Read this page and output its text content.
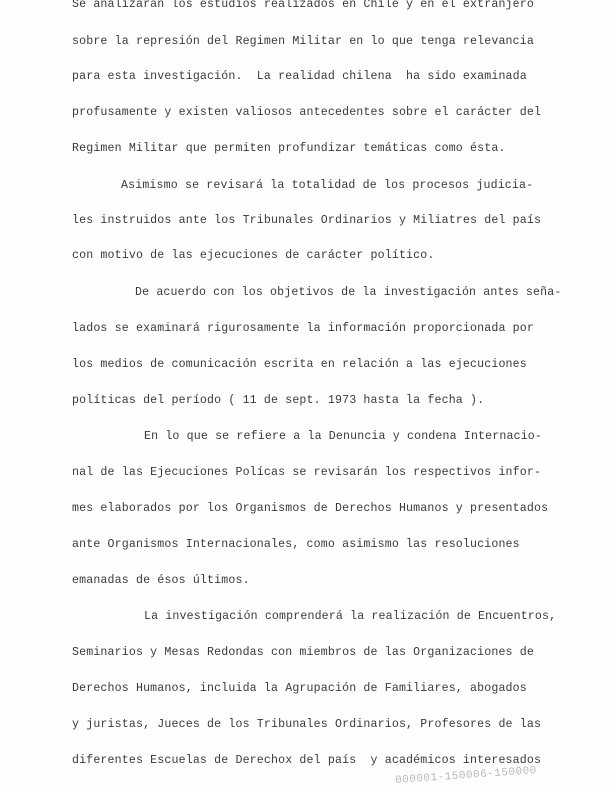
Se analizarán los estudios realizados en Chile y en el extranjero
sobre la represión del Regimen Militar en lo que tenga relevancia
para esta investigación.  La realidad chilena  ha sido examinada
profusamente y existen valiosos antecedentes sobre el carácter del
Regimen Militar que permiten profundizar temáticas como ésta.
Asimismo se revisará la totalidad de los procesos judicia-
les instruidos ante los Tribunales Ordinarios y Miliatres del país
con motivo de las ejecuciones de carácter político.
De acuerdo con los objetivos de la investigación antes seña-
lados se examinará rigurosamente la información proporcionada por
los medios de comunicación escrita en relación a las ejecuciones
políticas del período ( 11 de sept. 1973 hasta la fecha ).
En lo que se refiere a la Denuncia y condena Internacio-
nal de las Ejecuciones Polícas se revisarán los respectivos infor-
mes elaborados por los Organismos de Derechos Humanos y presentados
ante Organismos Internacionales, como asimismo las resoluciones
emanadas de ésos últimos.
La investigación comprenderá la realización de Encuentros,
Seminarios y Mesas Redondas con miembros de las Organizaciones de
Derechos Humanos, incluida la Agrupación de Familiares, abogados
y juristas, Jueces de los Tribunales Ordinarios, Profesores de las
diferentes Escuelas de Derechox del país  y académicos interesados
000001-150006-150000
